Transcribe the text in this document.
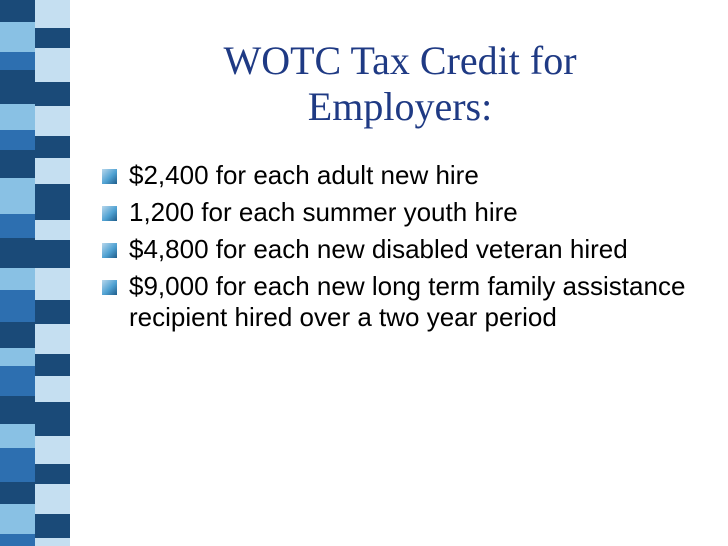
WOTC Tax Credit for
Employers:
$2,400 for each adult new hire
1,200 for each summer youth hire
$4,800 for each new disabled veteran hired
$9,000 for each new long term family assistance recipient hired over a two year period
